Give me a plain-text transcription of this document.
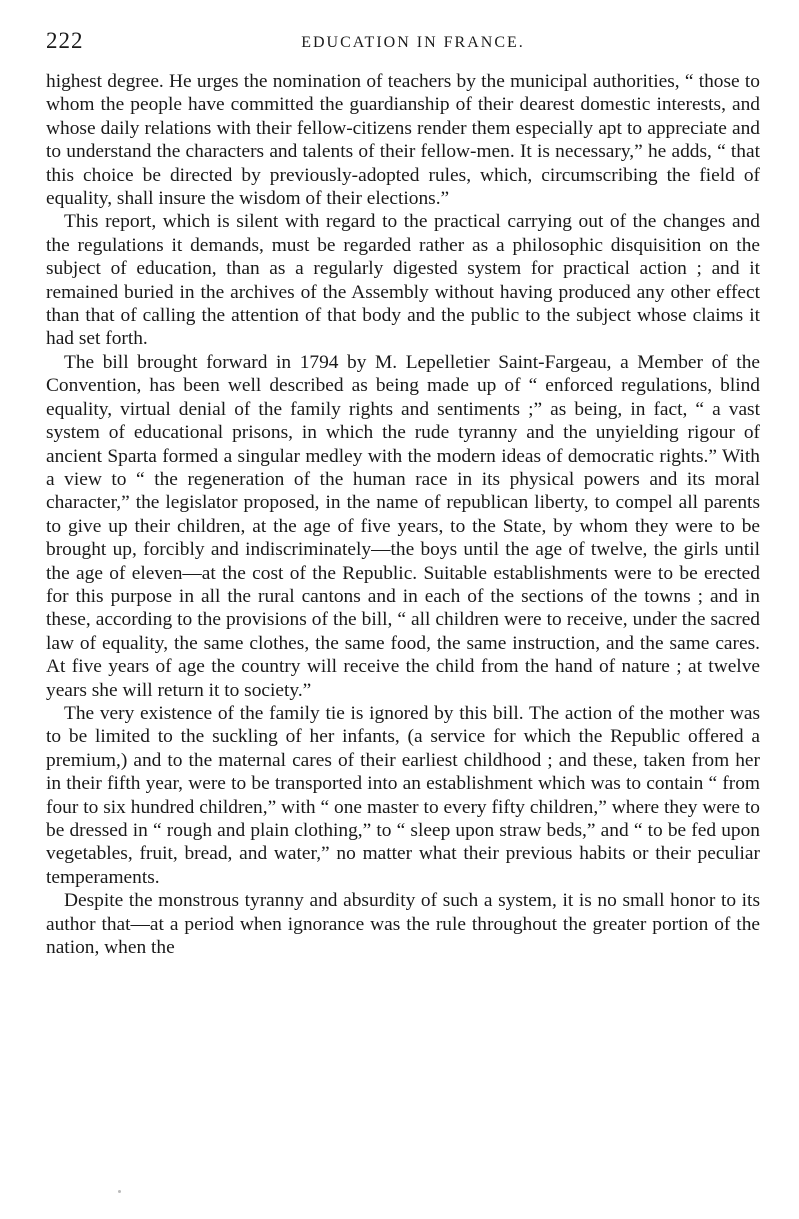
222	EDUCATION IN FRANCE.

highest degree. He urges the nomination of teachers by the municipal authorities, “ those to whom the people have committed the guardianship of their dearest domestic interests, and whose daily relations with their fellow-citizens render them especially apt to appreciate and to understand the characters and talents of their fellow-men. It is necessary,” he adds, “ that this choice be directed by previously-adopted rules, which, circumscribing the field of equality, shall insure the wisdom of their elections.”

This report, which is silent with regard to the practical carrying out of the changes and the regulations it demands, must be regarded rather as a philosophic disquisition on the subject of education, than as a regularly digested system for practical action ; and it remained buried in the archives of the Assembly without having produced any other effect than that of calling the attention of that body and the public to the subject whose claims it had set forth.

The bill brought forward in 1794 by M. Lepelletier Saint-Fargeau, a Member of the Convention, has been well described as being made up of “ enforced regulations, blind equality, virtual denial of the family rights and sentiments ;” as being, in fact, “ a vast system of educational prisons, in which the rude tyranny and the unyielding rigour of ancient Sparta formed a singular medley with the modern ideas of democratic rights.” With a view to “ the regeneration of the human race in its physical powers and its moral character,” the legislator proposed, in the name of republican liberty, to compel all parents to give up their children, at the age of five years, to the State, by whom they were to be brought up, forcibly and indiscriminately—the boys until the age of twelve, the girls until the age of eleven—at the cost of the Republic. Suitable establishments were to be erected for this purpose in all the rural cantons and in each of the sections of the towns ; and in these, according to the provisions of the bill, “ all children were to receive, under the sacred law of equality, the same clothes, the same food, the same instruction, and the same cares. At five years of age the country will receive the child from the hand of nature ; at twelve years she will return it to society.”

The very existence of the family tie is ignored by this bill. The action of the mother was to be limited to the suckling of her infants, (a service for which the Republic offered a premium,) and to the maternal cares of their earliest childhood ; and these, taken from her in their fifth year, were to be transported into an establishment which was to contain “ from four to six hundred children,” with “ one master to every fifty children,” where they were to be dressed in “ rough and plain clothing,” to “ sleep upon straw beds,” and “ to be fed upon vegetables, fruit, bread, and water,” no matter what their previous habits or their peculiar temperaments.

Despite the monstrous tyranny and absurdity of such a system, it is no small honor to its author that—at a period when ignorance was the rule throughout the greater portion of the nation, when the
